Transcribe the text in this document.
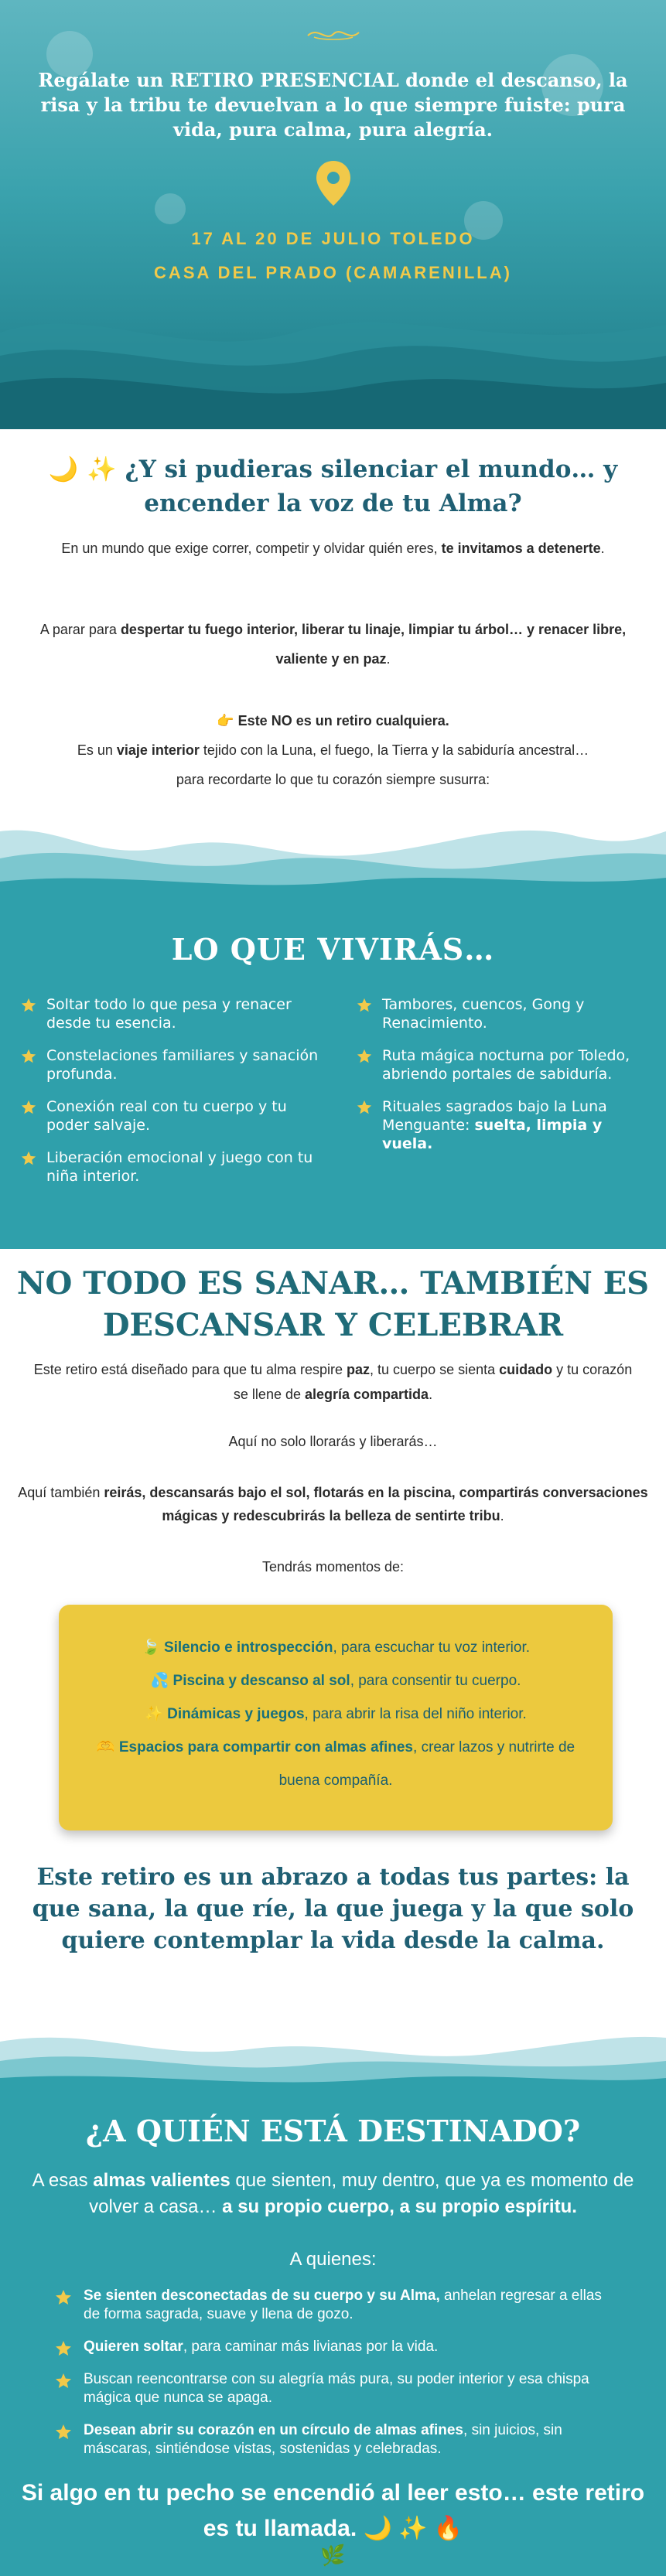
Regálate un RETIRO PRESENCIAL donde el descanso, la risa y la tribu te devuelvan a lo que siempre fuiste: pura vida, pura calma, pura alegría.
17 AL 20 DE JULIO TOLEDO
CASA DEL PRADO (CAMARENILLA)
🌙 ✨ ¿Y si pudieras silenciar el mundo… y encender la voz de tu Alma?

En un mundo que exige correr, competir y olvidar quién eres, te invitamos a detenerte.

A parar para despertar tu fuego interior, liberar tu linaje, limpiar tu árbol… y renacer libre, valiente y en paz.

👉 Este NO es un retiro cualquiera.

Es un viaje interior tejido con la Luna, el fuego, la Tierra y la sabiduría ancestral…

para recordarte lo que tu corazón siempre susurra:

LO QUE VIVIRÁS…
Soltar todo lo que pesa y renacer desde tu esencia.
Constelaciones familiares y sanación profunda.
Conexión real con tu cuerpo y tu poder salvaje.
Liberación emocional y juego con tu niña interior.
Tambores, cuencos, Gong y Renacimiento.
Ruta mágica nocturna por Toledo, abriendo portales de sabiduría.
Rituales sagrados bajo la Luna Menguante: suelta, limpia y vuela.
NO TODO ES SANAR… TAMBIÉN ES DESCANSAR Y CELEBRAR

Este retiro está diseñado para que tu alma respire paz, tu cuerpo se sienta cuidado y tu corazón se llene de alegría compartida.

Aquí no solo llorarás y liberarás…

Aquí también reirás, descansarás bajo el sol, flotarás en la piscina, compartirás conversaciones mágicas y redescubrirás la belleza de sentirte tribu.

Tendrás momentos de:

🍃 Silencio e introspección, para escuchar tu voz interior.
💦 Piscina y descanso al sol, para consentir tu cuerpo.
✨ Dinámicas y juegos, para abrir la risa del niño interior.
🫶 Espacios para compartir con almas afines, crear lazos y nutrirte de buena compañía.
Este retiro es un abrazo a todas tus partes: la que sana, la que ríe, la que juega y la que solo quiere contemplar la vida desde la calma.
¿A QUIÉN ESTÁ DESTINADO?

A esas almas valientes que sienten, muy dentro, que ya es momento de volver a casa… a su propio cuerpo, a su propio espíritu.

A quienes:

Se sienten desconectadas de su cuerpo y su Alma, anhelan regresar a ellas de forma sagrada, suave y llena de gozo.
Quieren soltar, para caminar más livianas por la vida.
Buscan reencontrarse con su alegría más pura, su poder interior y esa chispa mágica que nunca se apaga.
Desean abrir su corazón en un círculo de almas afines, sin juicios, sin máscaras, sintiéndose vistas, sostenidas y celebradas.

Si algo en tu pecho se encendió al leer esto… este retiro es tu llamada. 🌙 ✨ 🔥

🌿
